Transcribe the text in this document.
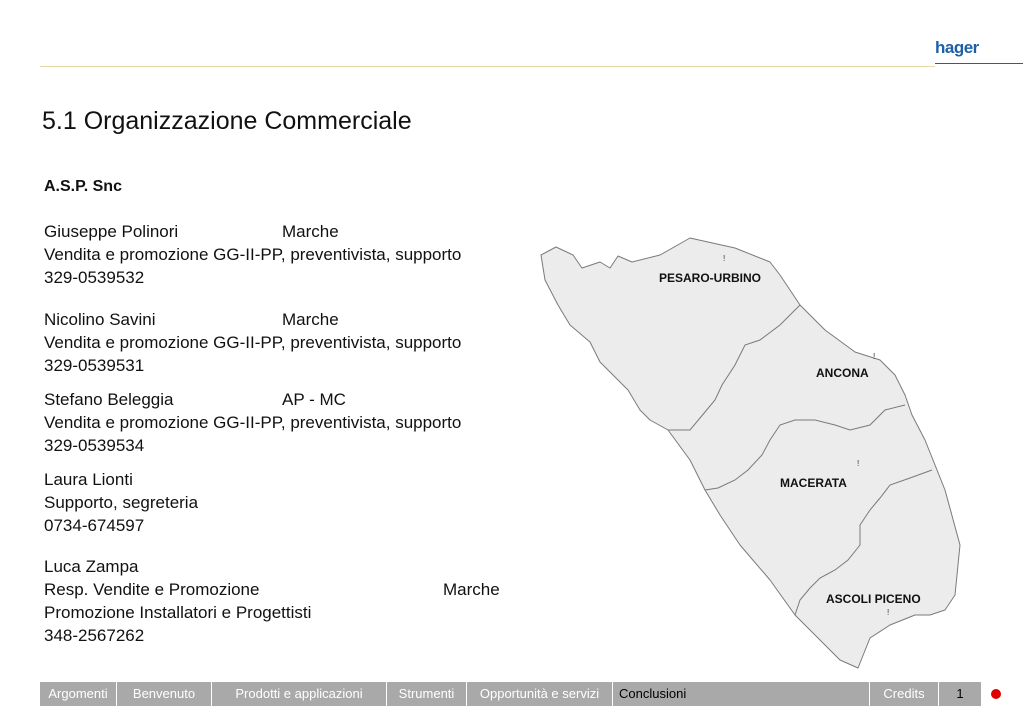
hager
5.1 Organizzazione Commerciale
A.S.P. Snc
Giuseppe Polinori	Marche
Vendita e promozione GG-II-PP, preventivista, supporto
329-0539532
Nicolino Savini	Marche
Vendita e promozione GG-II-PP, preventivista, supporto
329-0539531
Stefano Beleggia	AP - MC
Vendita e promozione GG-II-PP, preventivista, supporto
329-0539534
Laura Lionti
Supporto, segreteria
0734-674597
Luca Zampa
Resp. Vendite e Promozione	Marche
Promozione Installatori e Progettisti
348-2567262
PESARO-URBINO
ANCONA
MACERATA
ASCOLI PICENO
!
!
!
!
Argomenti	Benvenuto	Prodotti e applicazioni	Strumenti	Opportunità e servizi	Conclusioni	Credits	1
